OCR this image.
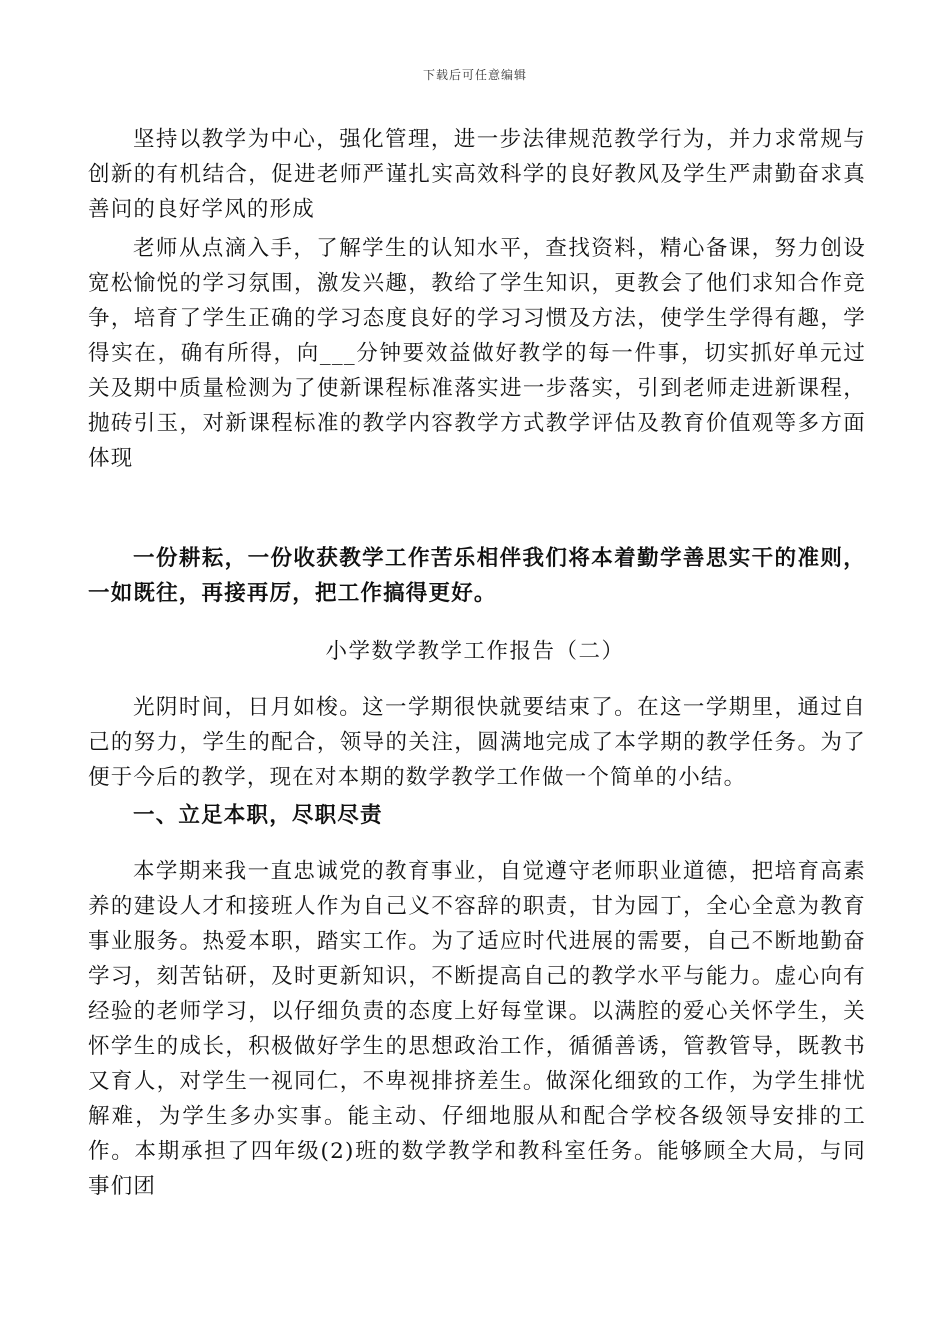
下载后可任意编辑

坚持以教学为中心，强化管理，进一步法律规范教学行为，并力求常规与创新的有机结合，促进老师严谨扎实高效科学的良好教风及学生严肃勤奋求真善问的良好学风的形成

老师从点滴入手，了解学生的认知水平，查找资料，精心备课，努力创设宽松愉悦的学习氛围，激发兴趣，教给了学生知识，更教会了他们求知合作竞争，培育了学生正确的学习态度良好的学习习惯及方法，使学生学得有趣，学得实在，确有所得，向___分钟要效益做好教学的每一件事，切实抓好单元过关及期中质量检测为了使新课程标准落实进一步落实，引到老师走进新课程，抛砖引玉，对新课程标准的教学内容教学方式教学评估及教育价值观等多方面体现

一份耕耘，一份收获教学工作苦乐相伴我们将本着勤学善思实干的准则，一如既往，再接再厉，把工作搞得更好。

小学数学教学工作报告（二）

光阴时间，日月如梭。这一学期很快就要结束了。在这一学期里，通过自己的努力，学生的配合，领导的关注，圆满地完成了本学期的教学任务。为了便于今后的教学，现在对本期的数学教学工作做一个简单的小结。

一、立足本职，尽职尽责

本学期来我一直忠诚党的教育事业，自觉遵守老师职业道德，把培育高素养的建设人才和接班人作为自己义不容辞的职责，甘为园丁，全心全意为教育事业服务。热爱本职，踏实工作。为了适应时代进展的需要，自己不断地勤奋学习，刻苦钻研，及时更新知识，不断提高自己的教学水平与能力。虚心向有经验的老师学习，以仔细负责的态度上好每堂课。以满腔的爱心关怀学生，关怀学生的成长，积极做好学生的思想政治工作，循循善诱，管教管导，既教书又育人，对学生一视同仁，不卑视排挤差生。做深化细致的工作，为学生排忧解难，为学生多办实事。能主动、仔细地服从和配合学校各级领导安排的工作。本期承担了四年级(2)班的数学教学和教科室任务。能够顾全大局，与同事们团
